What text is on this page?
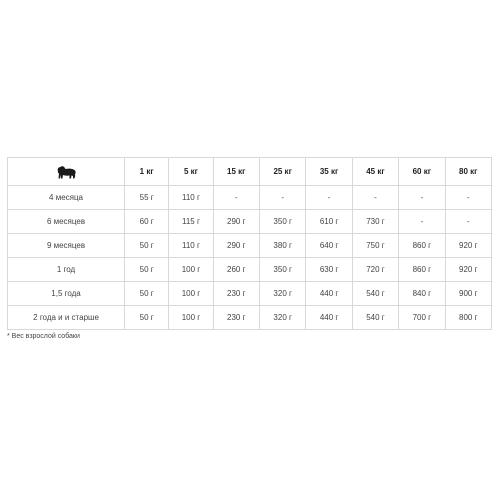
	1 кг	5 кг	15 кг	25 кг	35 кг	45 кг	60 кг	80 кг
4 месяца	55 г	110 г	-	-	-	-	-	-
6 месяцев	60 г	115 г	290 г	350 г	610 г	730 г	-	-
9 месяцев	50 г	110 г	290 г	380 г	640 г	750 г	860 г	920 г
1 год	50 г	100 г	260 г	350 г	630 г	720 г	860 г	920 г
1,5 года	50 г	100 г	230 г	320 г	440 г	540 г	840 г	900 г
2 года и и старше	50 г	100 г	230 г	320 г	440 г	540 г	700 г	800 г
* Вес взрослой собаки
